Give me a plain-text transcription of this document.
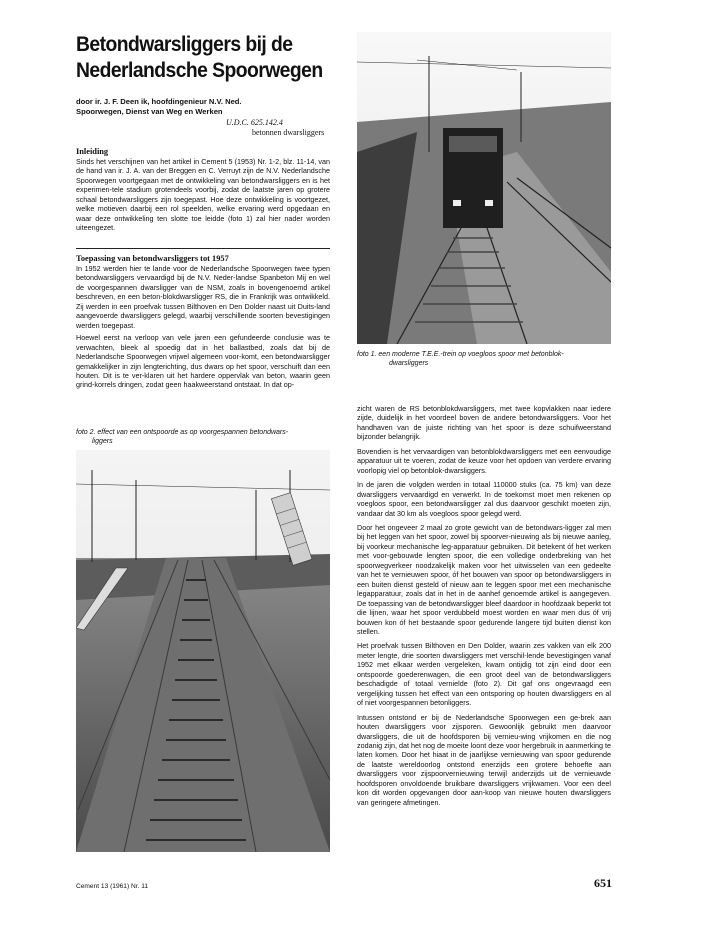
Betondwarsliggers bij de
Nederlandsche Spoorwegen
door ir. J. F. Deen ik, hoofdingenieur N.V. Ned.
Spoorwegen, Dienst van Weg en Werken
U.D.C. 625.142.4
betonnen dwarsliggers
Inleiding

Sinds het verschijnen van het artikel in Cement 5 (1953) Nr. 1-2, blz. 11-14, van de hand van ir. J. A. van der Breggen en C. Verruyt zijn de N.V. Nederlandsche Spoorwegen voortgegaan met de ontwikkeling van betondwarsliggers en is het experimen-tele stadium grotendeels voorbij, zodat de laatste jaren op grotere schaal betondwarsliggers zijn toegepast. Hoe deze ontwikkeling is voortgezet, welke motieven daarbij een rol speelden, welke ervaring werd opgedaan en waar deze ontwikkeling ten slotte toe leidde (foto 1) zal hier nader worden uiteengezet.

Toepassing van betondwarsliggers tot 1957

In 1952 werden hier te lande voor de Nederlandsche Spoorwegen twee typen betondwarsliggers vervaardigd bij de N.V. Neder-landse Spanbeton Mij en wel de voorgespannen dwarsligger van de NSM, zoals in bovengenoemd artikel beschreven, en een beton-blokdwarsligger RS, die in Frankrijk was ontwikkeld. Zij werden in een proefvak tussen Bilthoven en Den Dolder naast uit Duits-land aangevoerde dwarsliggers gelegd, waarbij verschillende soorten bevestigingen werden toegepast.

Hoewel eerst na verloop van vele jaren een gefundeerde conclusie was te verwachten, bleek al spoedig dat in het ballastbed, zoals dat bij de Nederlandsche Spoorwegen vrijwel algemeen voor-komt, een betondwarsligger gemakkelijker in zijn lengterichting, dus dwars op het spoor, verschuift dan een houten. Dit is te ver-klaren uit het hardere oppervlak van beton, waarin geen grind-korrels dringen, zodat geen haakweerstand ontstaat. In dat op-

foto 2. effect van een ontspoorde as op voorgespannen betondwars-
liggers
foto 1. een moderne T.E.E.-trein op voegloos spoor met betonblok-
dwarsliggers

zicht waren de RS betonblokdwarsliggers, met twee kopvlakken naar iedere zijde, duidelijk in het voordeel boven de andere betondwarsliggers. Voor het handhaven van de juiste richting van het spoor is deze schuifweerstand bijzonder belangrijk.

Bovendien is het vervaardigen van betonblokdwarsliggers met een eenvoudige apparatuur uit te voeren, zodat de keuze voor het opdoen van verdere ervaring voorlopig viel op betonblok-dwarsliggers.

In de jaren die volgden werden in totaal 110000 stuks (ca. 75 km) van deze dwarsliggers vervaardigd en verwerkt. In de toekomst moet men rekenen op voegloos spoor, een betondwarsligger zal dus daarvoor geschikt moeten zijn, vandaar dat 30 km als voegloos spoor gelegd werd.

Door het ongeveer 2 maal zo grote gewicht van de betondwars-ligger zal men bij het leggen van het spoor, zowel bij spoorver-nieuwing als bij nieuwe aanleg, bij voorkeur mechanische leg-apparatuur gebruiken. Dit betekent óf het werken met voor-gebouwde lengten spoor, die een volledige onderbreking van het spoorwegverkeer noodzakelijk maken voor het uitwisselen van een gedeelte van het te vernieuwen spoor, óf het bouwen van spoor op betondwarsliggers in een buiten dienst gesteld of nieuw aan te leggen spoor met een mechanische legapparatuur, zoals dat in het in de aanhef genoemde artikel is aangegeven. De toepassing van de betondwarsligger bleef daardoor in hoofdzaak beperkt tot die lijnen, waar het spoor verdubbeld moest worden en waar men dus óf vrij bouwen kon óf het bestaande spoor gedurende langere tijd buiten dienst kon stellen.

Het proefvak tussen Bilthoven en Den Dolder, waarin zes vakken van elk 200 meter lengte, drie soorten dwarsliggers met verschil-lende bevestigingen vanaf 1952 met elkaar werden vergeleken, kwam ontijdig tot zijn eind door een ontspoorde goederenwagen, die een groot deel van de betondwarsliggers beschadigde of totaal vernielde (foto 2). Dit gaf ons ongevraagd een vergelijking tussen het effect van een ontsporing op houten dwarsliggers en al of niet voorgespannen betonliggers.

Intussen ontstond er bij de Nederlandsche Spoorwegen een ge-brek aan houten dwarsliggers voor zijsporen. Gewoonlijk gebruikt men daarvoor dwarsliggers, die uit de hoofdsporen bij vernieu-wing vrijkomen en die nog zodanig zijn, dat het nog de moeite loont deze voor hergebruik in aanmerking te laten komen. Door het hiaat in de jaarlijkse vernieuwing van spoor gedurende de laatste wereldoorlog ontstond enerzijds een grotere behoefte aan dwarsliggers voor zijspoorvernieuwing terwijl anderzijds uit de vernieuwde hoofdsporen onvoldoende bruikbare dwarsliggers vrijkwamen. Voor een deel kon dit worden opgevangen door aan-koop van nieuwe houten dwarsliggers van geringere afmetingen.

Cement 13 (1961) Nr. 11	651
